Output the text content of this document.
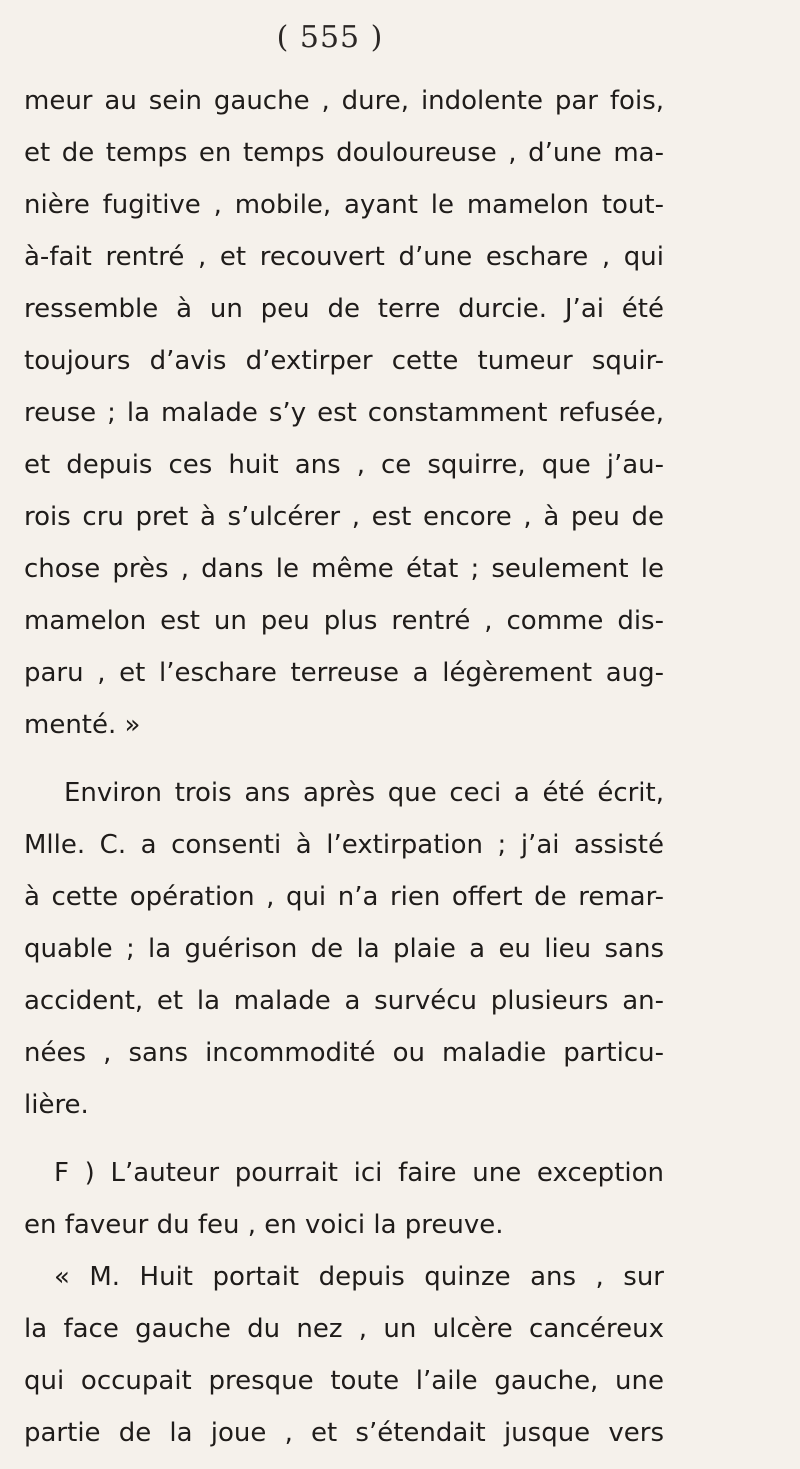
( 555 )
meur au sein gauche , dure, indolente par fois,
et de temps en temps douloureuse , d’une ma-
nière fugitive , mobile, ayant le mamelon tout-
à-fait rentré , et recouvert d’une eschare , qui
ressemble à un peu de terre durcie. J’ai été
toujours d’avis d’extirper cette tumeur squir-
reuse ; la malade s’y est constamment refusée,
et depuis ces huit ans , ce squirre, que j’au-
rois cru pret à s’ulcérer , est encore , à peu de
chose près , dans le même état ; seulement le
mamelon est un peu plus rentré , comme dis-
paru , et l’eschare terreuse a légèrement aug-
menté. »
Environ trois ans après que ceci a été écrit,
Mlle. C. a consenti à l’extirpation ; j’ai assisté
à cette opération , qui n’a rien offert de remar-
quable ; la guérison de la plaie a eu lieu sans
accident, et la malade a survécu plusieurs an-
nées , sans incommodité ou maladie particu-
lière.
F ) L’auteur pourrait ici faire une exception
en faveur du feu , en voici la preuve.
« M. Huit portait depuis quinze ans , sur
la face gauche du nez , un ulcère cancéreux
qui occupait presque toute l’aile gauche, une
partie de la joue , et s’étendait jusque vers
